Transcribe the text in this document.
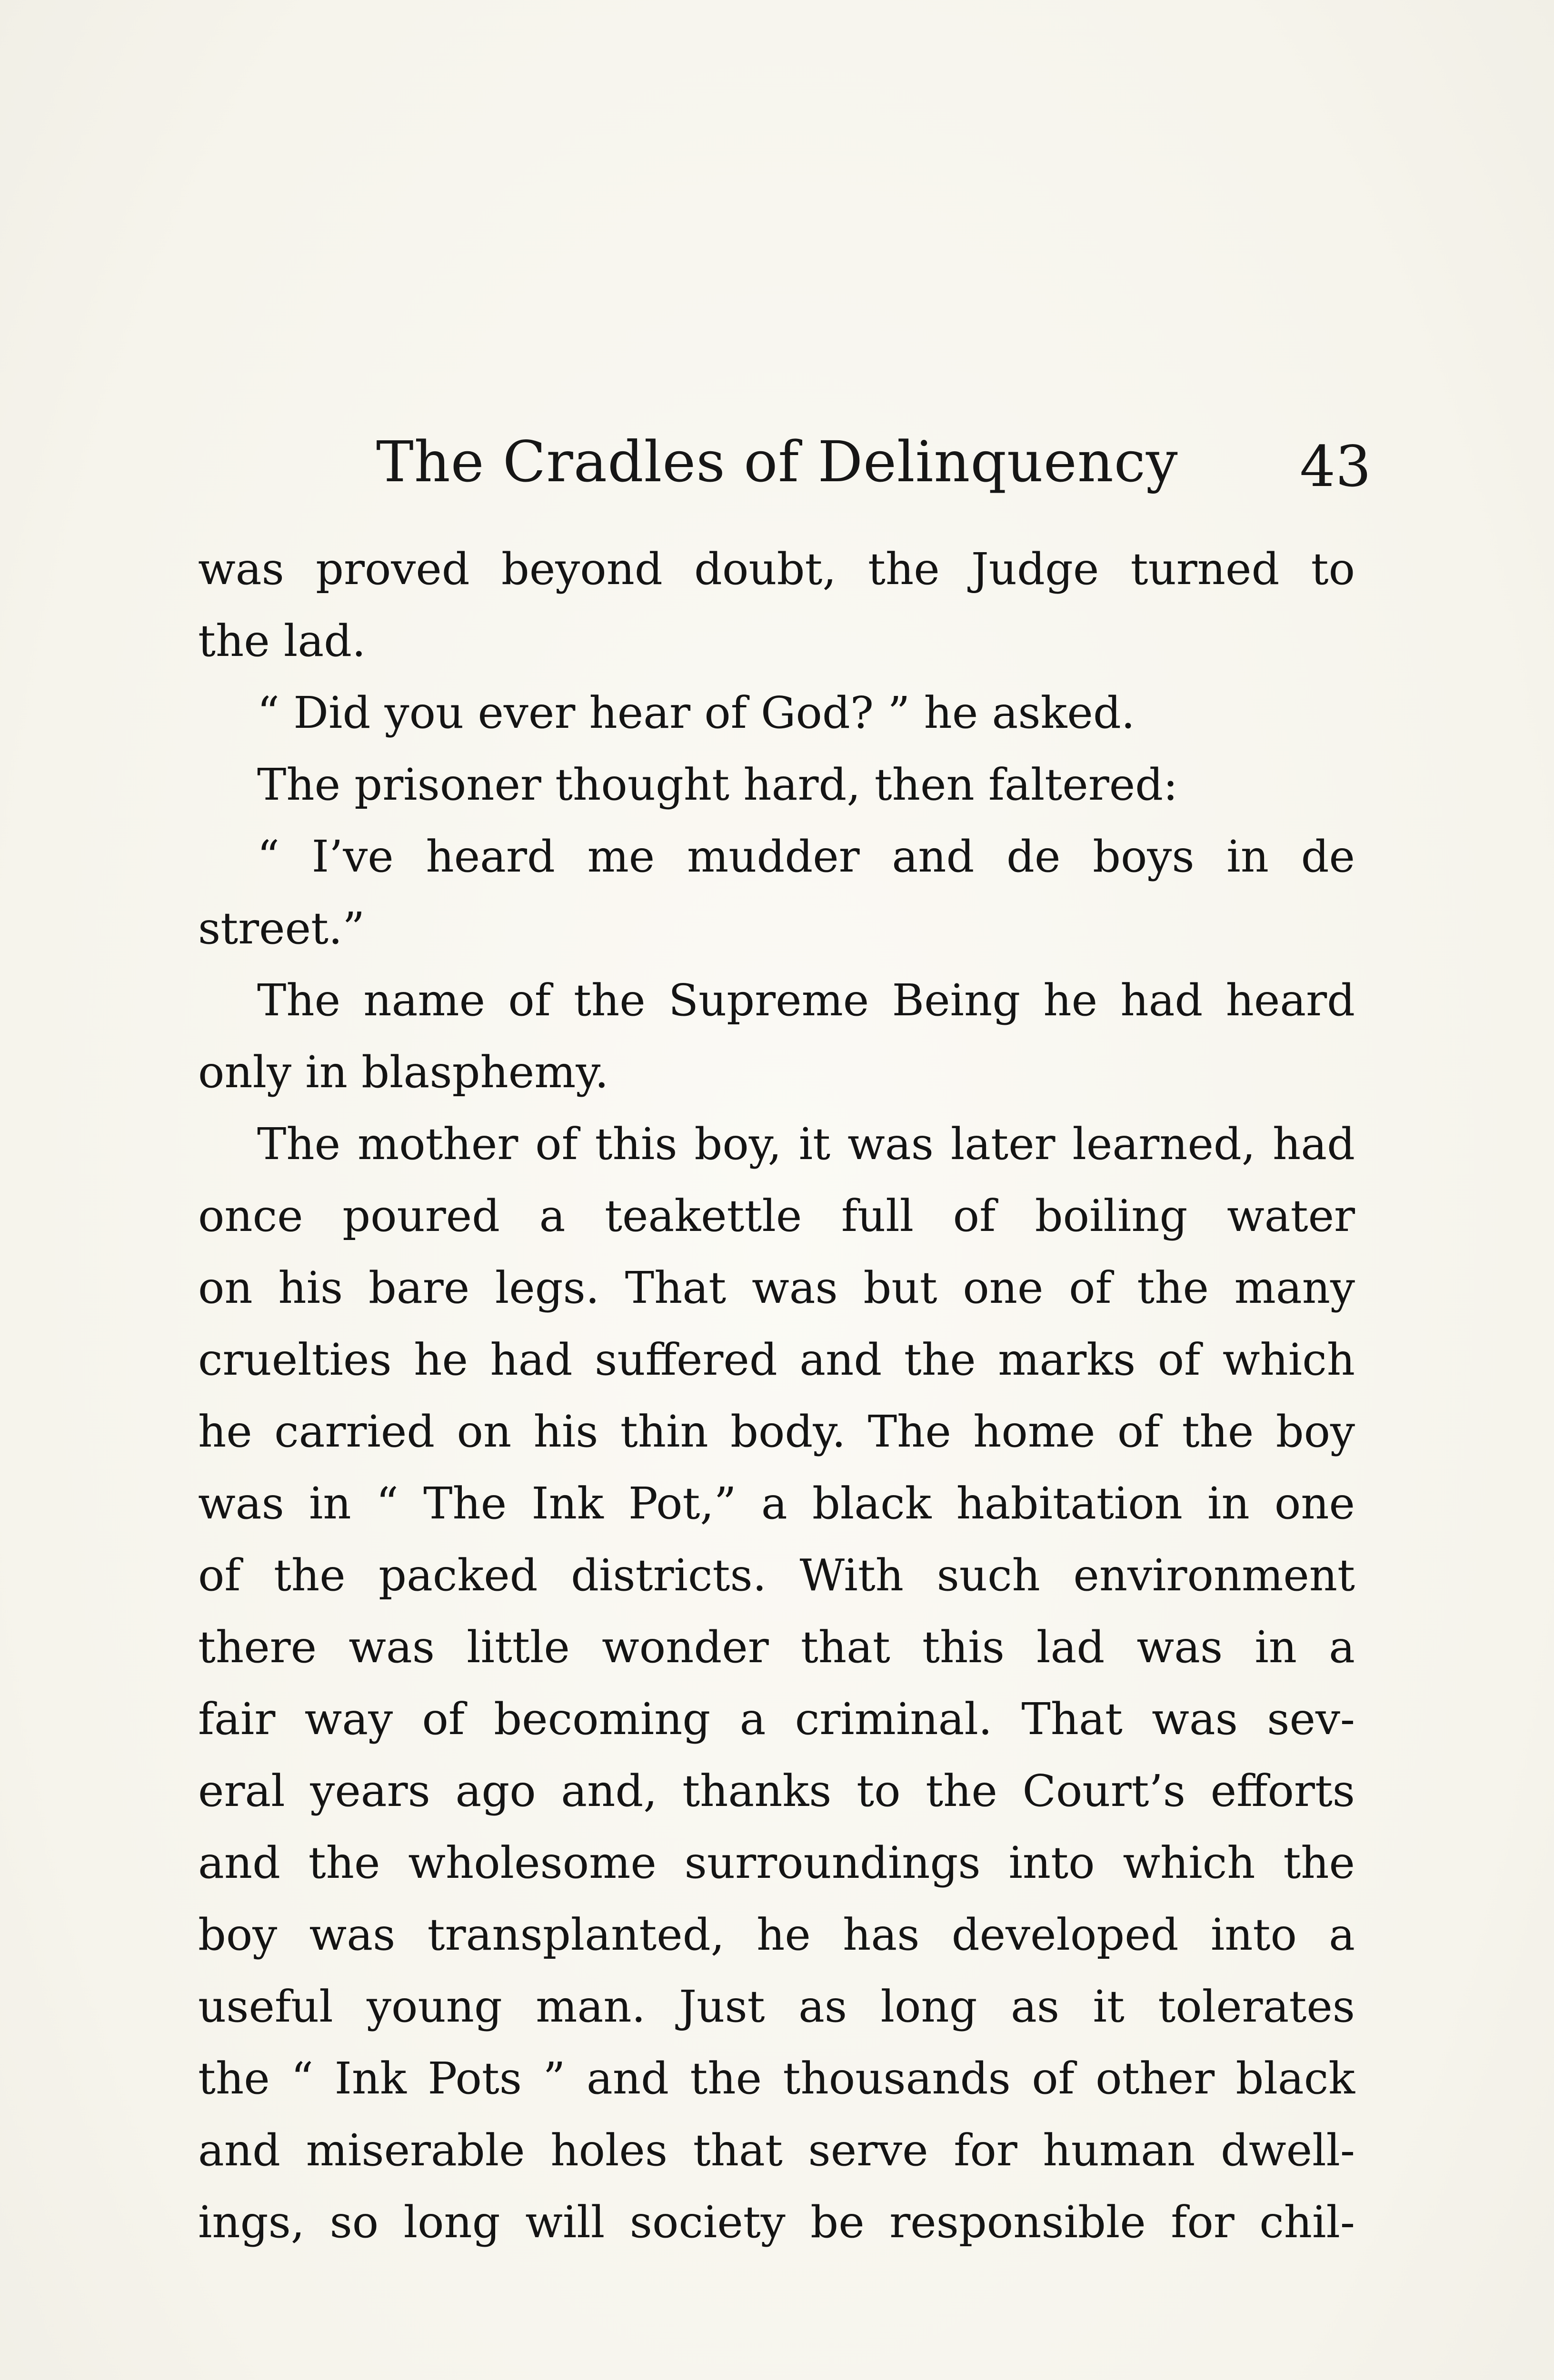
The Cradles of Delinquency 43
was proved beyond doubt, the Judge turned to
the lad.
“ Did you ever hear of God? ” he asked.
The prisoner thought hard, then faltered:
“ I’ve heard me mudder and de boys in de
street.”
The name of the Supreme Being he had heard
only in blasphemy.
The mother of this boy, it was later learned, had
once poured a teakettle full of boiling water
on his bare legs. That was but one of the many
cruelties he had suffered and the marks of which
he carried on his thin body. The home of the boy
was in “ The Ink Pot,” a black habitation in one
of the packed districts. With such environment
there was little wonder that this lad was in a
fair way of becoming a criminal. That was sev-
eral years ago and, thanks to the Court’s efforts
and the wholesome surroundings into which the
boy was transplanted, he has developed into a
useful young man. Just as long as it tolerates
the “ Ink Pots ” and the thousands of other black
and miserable holes that serve for human dwell-
ings, so long will society be responsible for chil-
